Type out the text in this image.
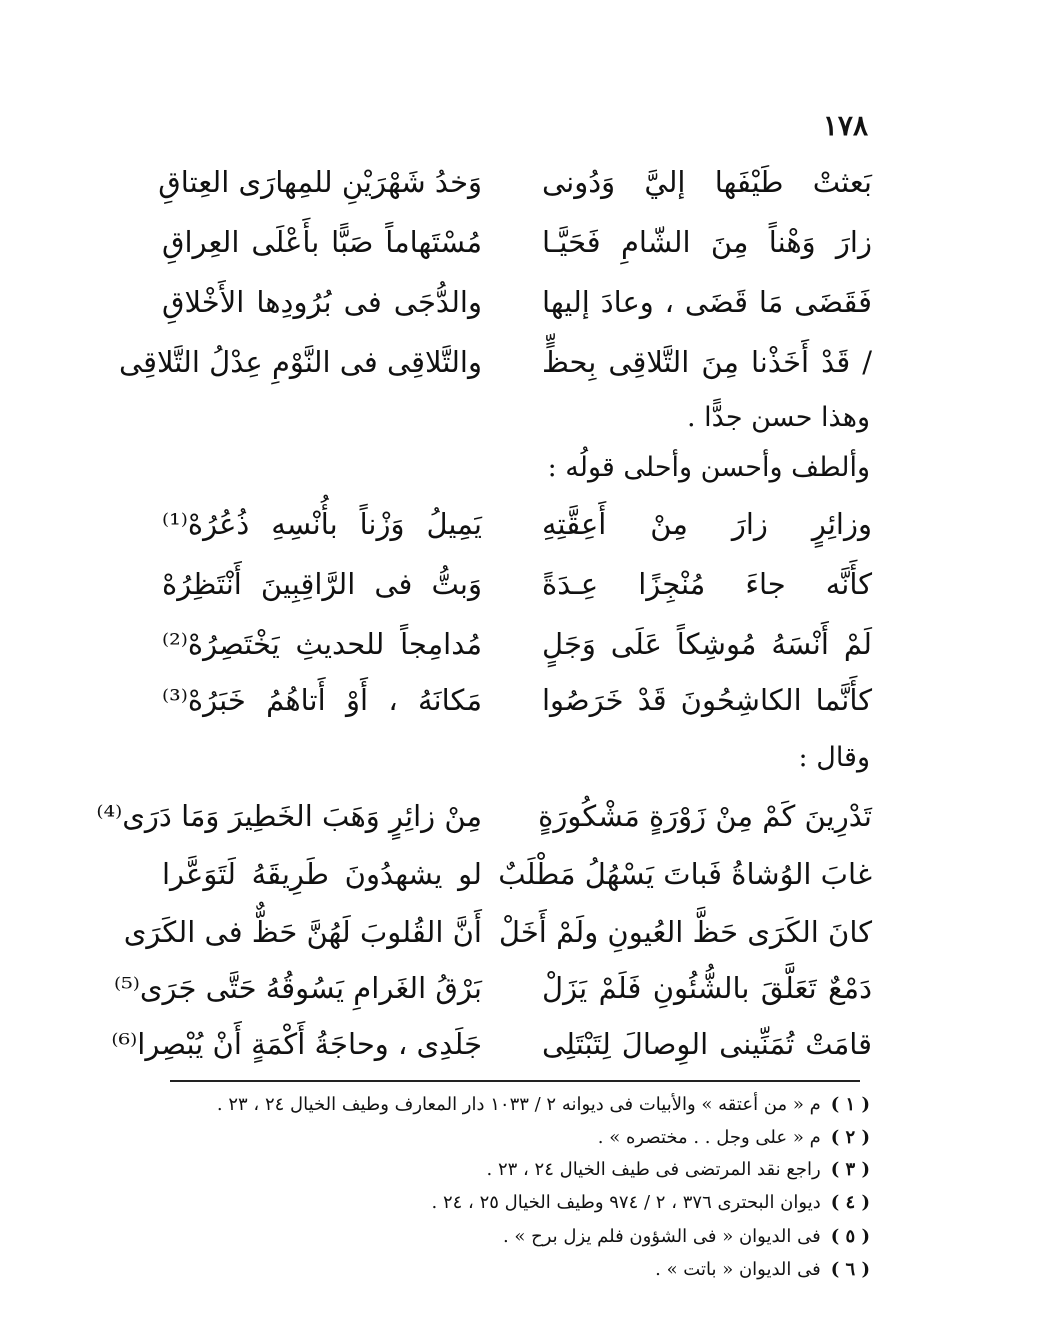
١٧٨
بَعثتْ طَيْفَها إليَّ وَدُونى
وَخدُ شَهْرَيْنِ للمِهارَى العِتاقِ
زارَ وَهْناً مِنَ الشّامِ فَحَيَّـا
مُسْتَهاماً صَبًّا بأَعْلَى العِراقِ
فَقَضَى مَا قَضَى ، وعادَ إليها
والدُّجَى فى بُرُودِها الأَخْلاقِ
/ قَدْ أَخَذْنا مِنَ التَّلاقِى بِحظٍّ
والتَّلاقِى فى النَّوْمِ عِدْلُ التَّلاقِى
وهذا حسن جدًّا .
وألطف وأحسن وأحلى قولُه :
وزائِرٍ زارَ مِنْ أَعِقَّتِهِ
يَمِيلُ وَزْناً بأُنْسِهِ ذُعُرُهْ⁽¹⁾
كأَنَّه جاءَ مُنْجِزًا عِـدَةً
وَبتُّ فى الرَّاقِبِينَ أَنْتَظِرُهْ
لَمْ أَنْسَهُ مُوشِكاً عَلَى وَجَلٍ
مُدامِجاً للحديثِ يَخْتَصِرُهْ⁽²⁾
كأَنَّما الكاشِحُونَ قَدْ خَرَصُوا
مَكانَهُ ، أَوْ أَتاهُمُ خَبَرُهْ⁽³⁾
وقال :
تَدْرِينَ كَمْ مِنْ زَوْرَةٍ مَشْكُورَةٍ
مِنْ زائِرٍ وَهَبَ الخَطِيرَ وَمَا دَرَى⁽⁴⁾
غابَ الوُشاةُ فَباتَ يَسْهُلُ مَطْلَبٌ
لو يشهدُونَ طَرِيقَهُ لَتَوَعَّرا
كانَ الكَرَى حَظَّ العُيونِ ولَمْ أَخَلْ
أَنَّ القُلوبَ لَهُنَّ حَظٌّ فى الكَرَى
دَمْعٌ تَعَلَّقَ بالشُّئُونِ فَلَمْ يَزَلْ
بَرْقُ الغَرامِ يَسُوقُهُ حَتَّى جَرَى⁽⁵⁾
قامَتْ تُمَنِّينى الوِصالَ لِتَبْتَلِى
جَلَدِى ، وحاجَةُ أَكْمَةٍ أَنْ يُبْصِرا⁽⁶⁾
( ١ )م « من أعتقه » والأبيات فى ديوانه ٢ / ١٠٣٣ دار المعارف وطيف الخيال ٢٤ ، ٢٣ .
( ٢ )م « على وجل . . مختصره » .
( ٣ )راجع نقد المرتضى فى طيف الخيال ٢٤ ، ٢٣ .
( ٤ )ديوان البحترى ٣٧٦ ، ٢ / ٩٧٤ وطيف الخيال ٢٥ ، ٢٤ .
( ٥ )فى الديوان « فى الشؤون فلم يزل برح » .
( ٦ )فى الديوان « باتت » .
